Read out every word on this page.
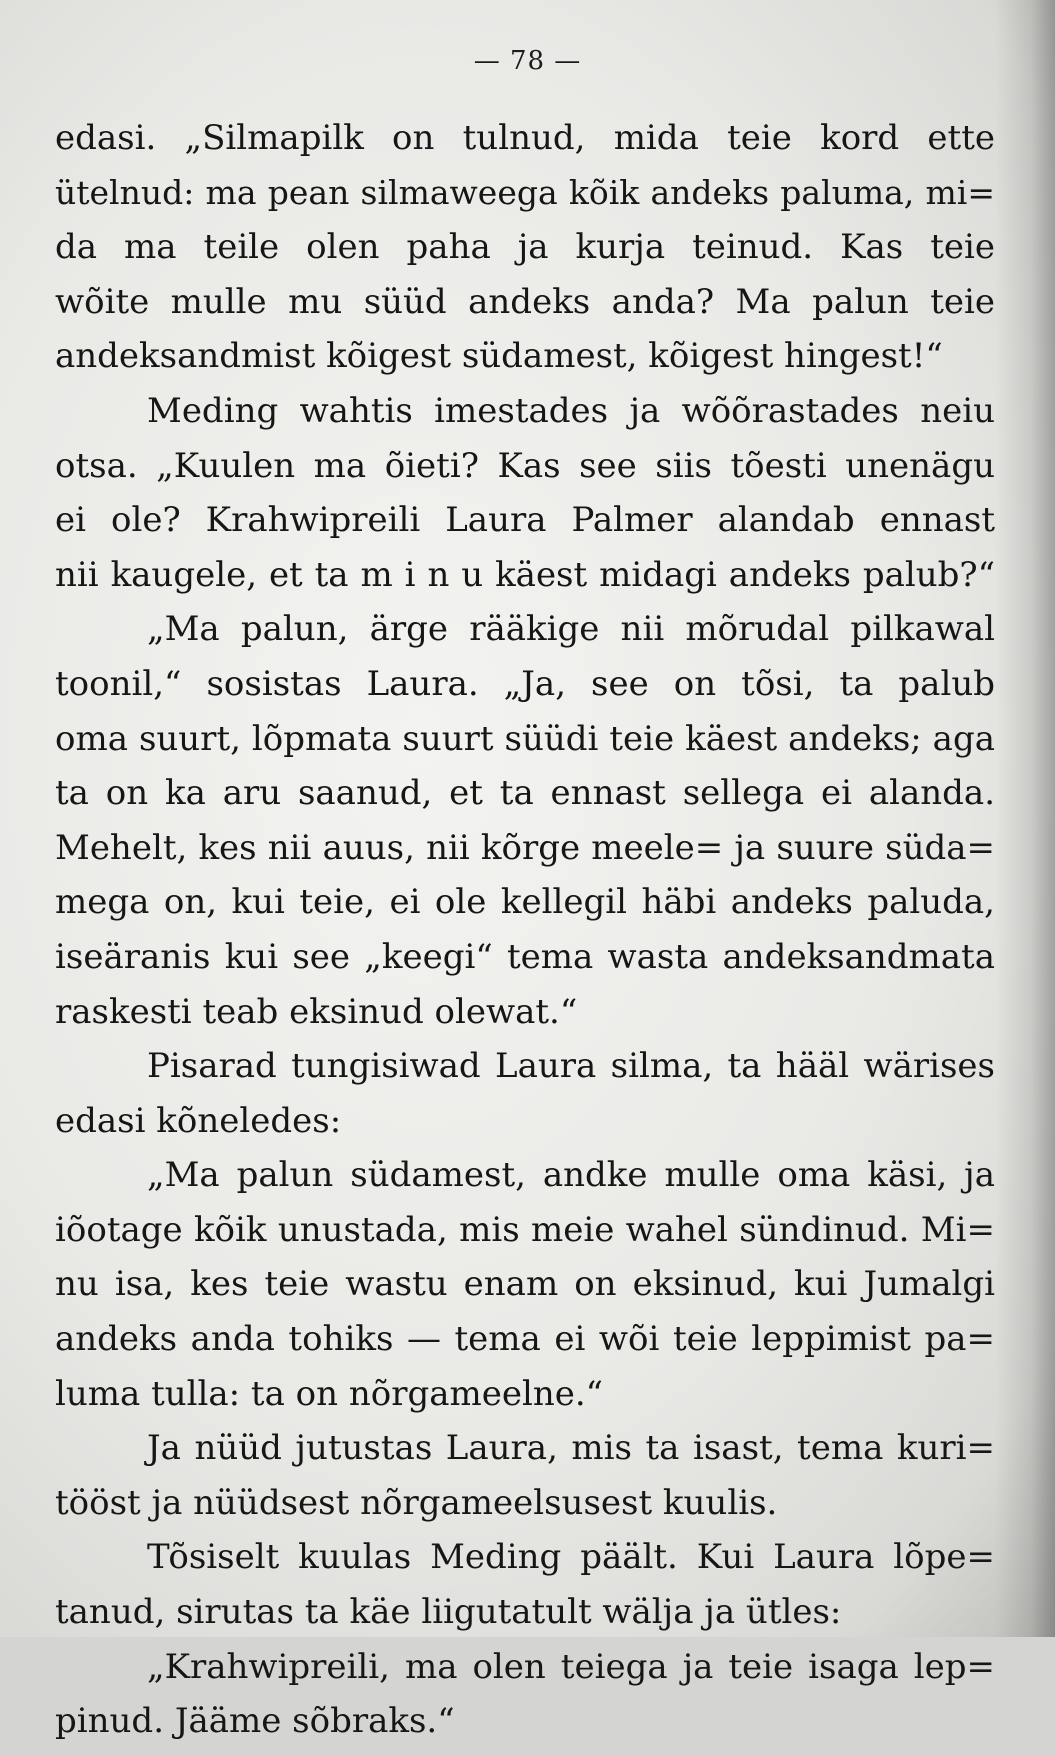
— 78 —
edasi. „Silmapilk on tulnud, mida teie kord ette
ütelnud: ma pean silmaweega kõik andeks paluma, mi=
da ma teile olen paha ja kurja teinud. Kas teie
wõite mulle mu süüd andeks anda? Ma palun teie
andeksandmist kõigest südamest, kõigest hingest!“
Meding wahtis imestades ja wõõrastades neiu
otsa. „Kuulen ma õieti? Kas see siis tõesti unenägu
ei ole? Krahwipreili Laura Palmer alandab ennast
nii kaugele, et ta m i n u käest midagi andeks palub?“
„Ma palun, ärge rääkige nii mõrudal pilkawal
toonil,“ sosistas Laura. „Ja, see on tõsi, ta palub
oma suurt, lõpmata suurt süüdi teie käest andeks; aga
ta on ka aru saanud, et ta ennast sellega ei alanda.
Mehelt, kes nii auus, nii kõrge meele= ja suure süda=
mega on, kui teie, ei ole kellegil häbi andeks paluda,
iseäranis kui see „keegi“ tema wasta andeksandmata
raskesti teab eksinud olewat.“
Pisarad tungisiwad Laura silma, ta hääl wärises
edasi kõneledes:
„Ma palun südamest, andke mulle oma käsi, ja
iõotage kõik unustada, mis meie wahel sündinud. Mi=
nu isa, kes teie wastu enam on eksinud, kui Jumalgi
andeks anda tohiks — tema ei wõi teie leppimist pa=
luma tulla: ta on nõrgameelne.“
Ja nüüd jutustas Laura, mis ta isast, tema kuri=
tööst ja nüüdsest nõrgameelsusest kuulis.
Tõsiselt kuulas Meding päält. Kui Laura lõpe=
tanud, sirutas ta käe liigutatult wälja ja ütles:
„Krahwipreili, ma olen teiega ja teie isaga lep=
pinud. Jääme sõbraks.“
